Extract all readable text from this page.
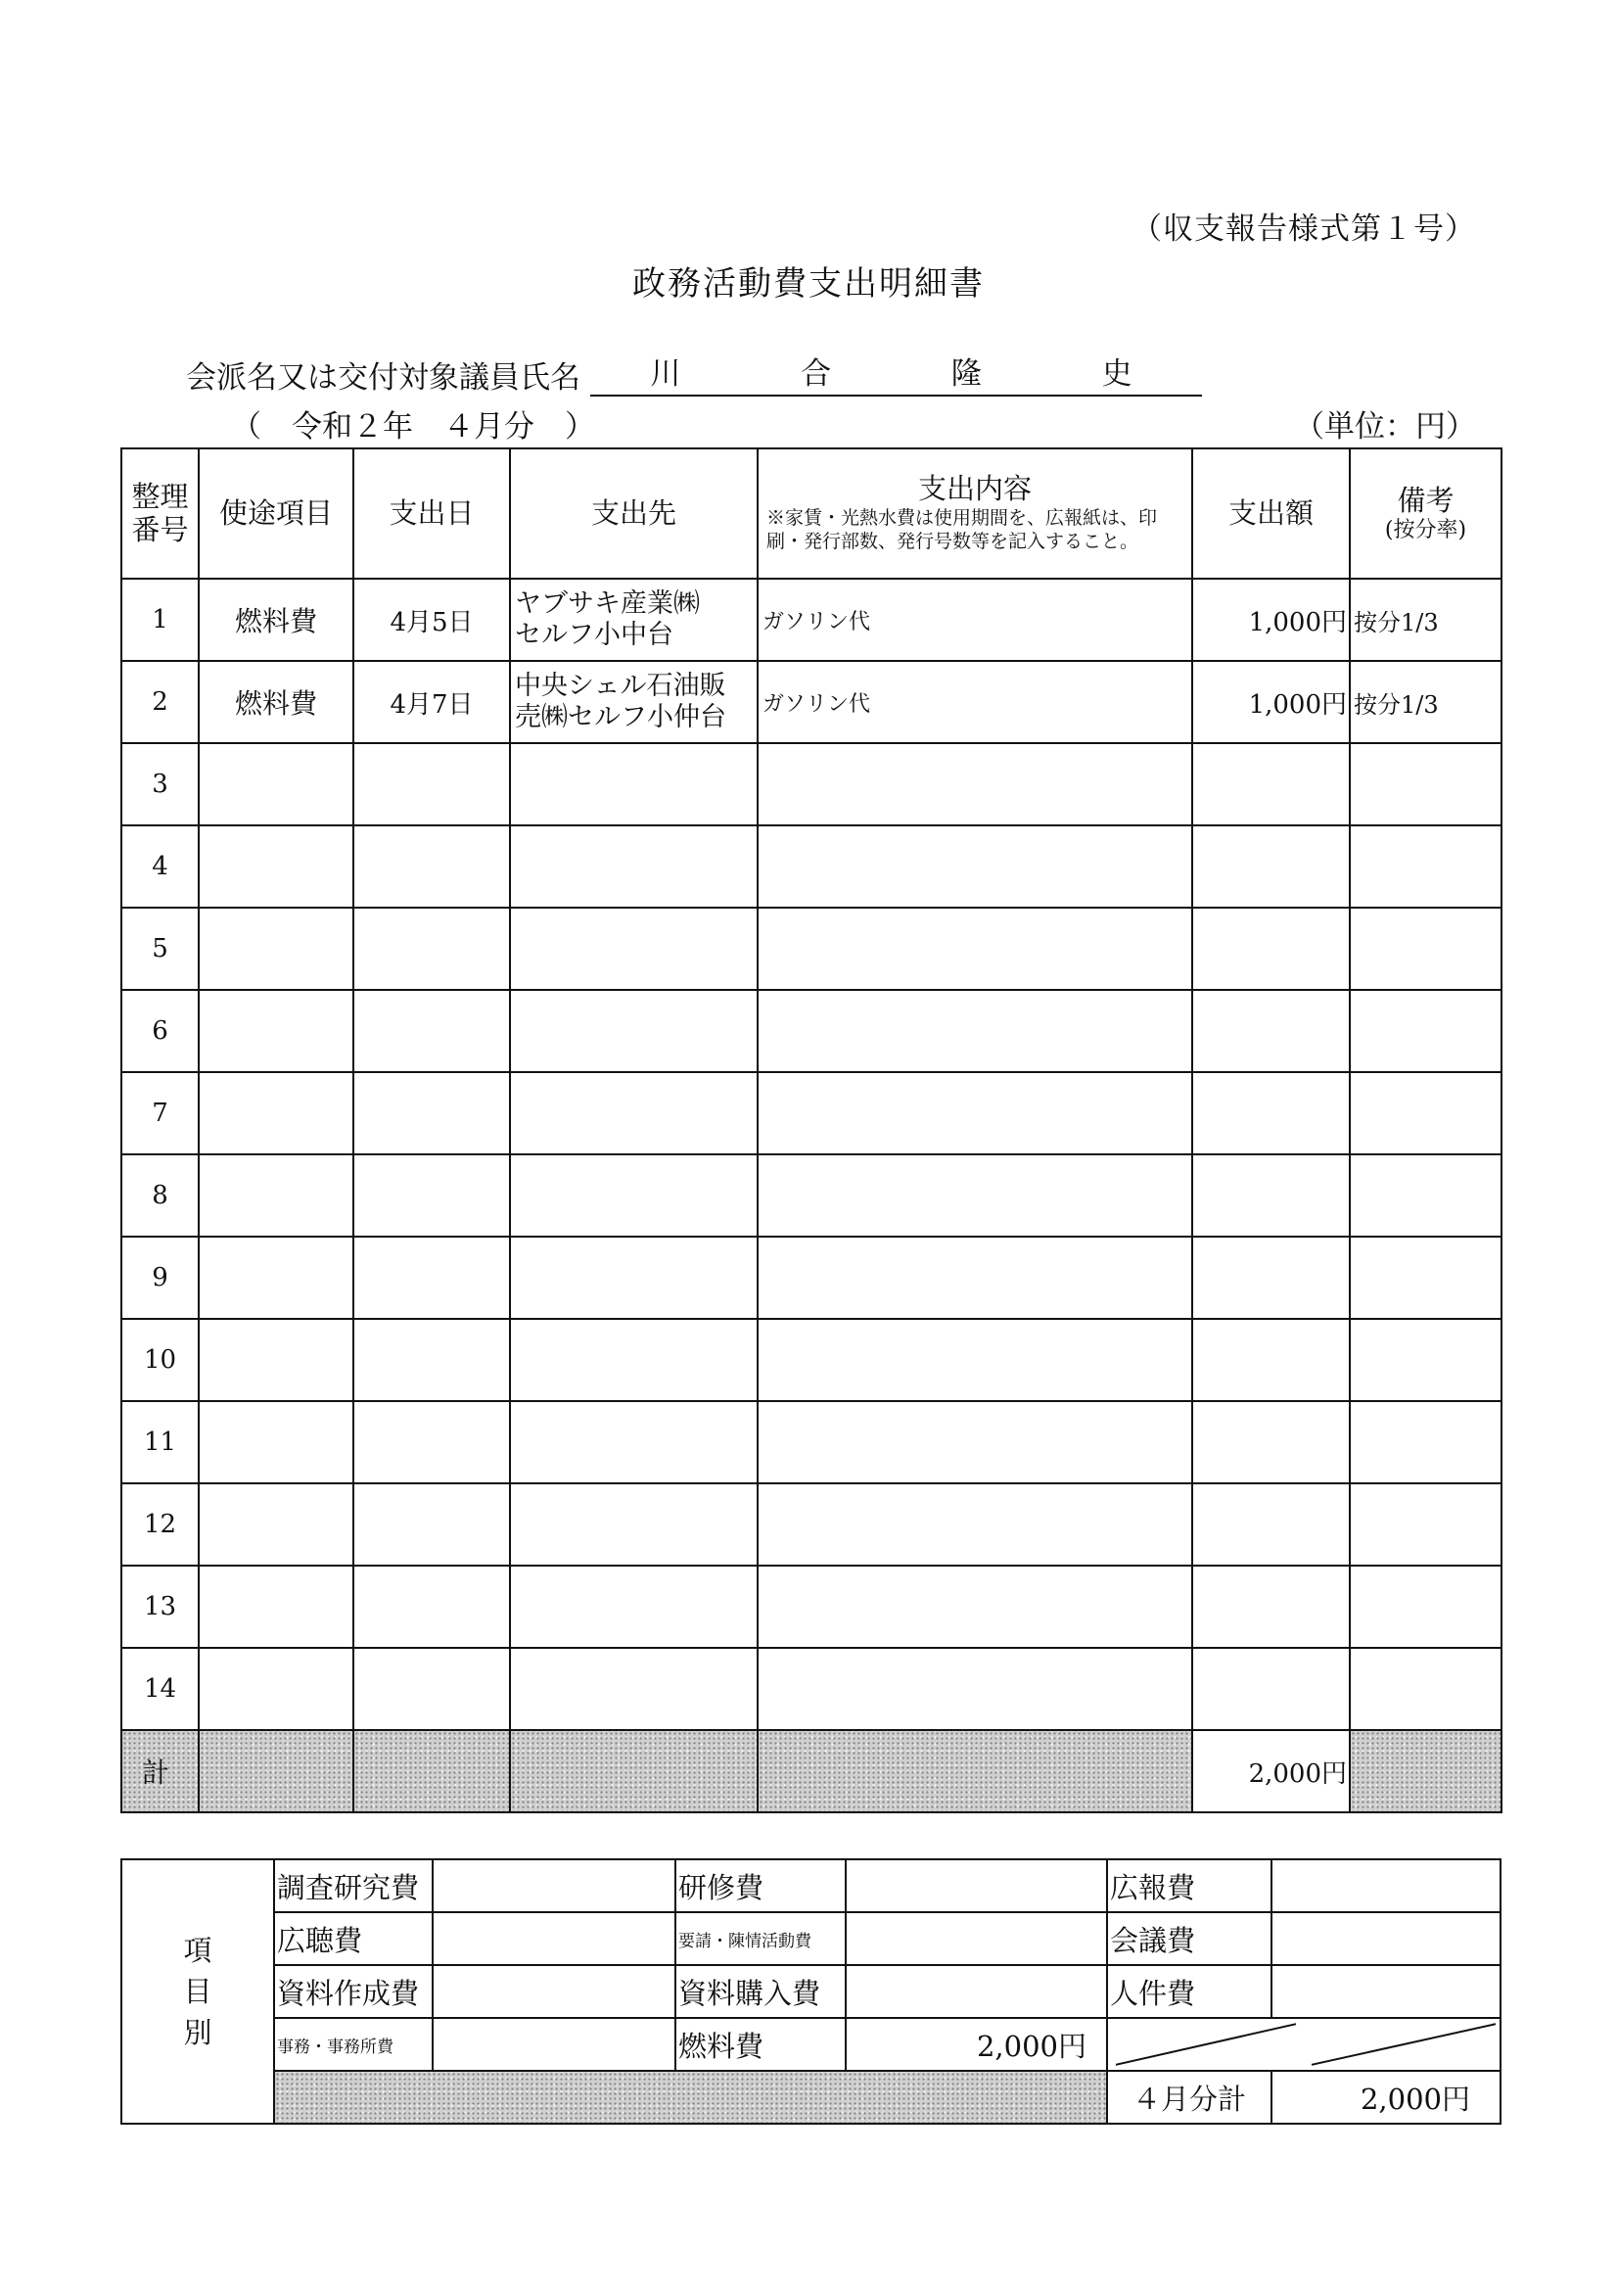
（収支報告様式第１号）
政務活動費支出明細書
会派名又は交付対象議員氏名 川	合	隆	史
（　令和２年　４月分　）	（単位：円）
整理番号	使途項目	支出日	支出先	支出内容
※家賃・光熱水費は使用期間を、広報紙は、印刷・発行部数、発行号数等を記入すること。	支出額	備考
(按分率)

1	燃料費	4月5日	ヤブサキ産業㈱
セルフ小中台	ガソリン代	1,000円	按分1/3
2	燃料費	4月7日	中央シェル石油販
売㈱セルフ小仲台	ガソリン代	1,000円	按分1/3
3						
4						
5						
6						
7						
8						
9						
10						
11						
12						
13						
14						
計					2,000円	
項
目
別	調査研究費		研修費		広報費	
	広聴費		要請・陳情活動費		会議費	
	資料作成費		資料購入費		人件費	
	事務・事務所費		燃料費	2,000円	

					４月分計	2,000円
